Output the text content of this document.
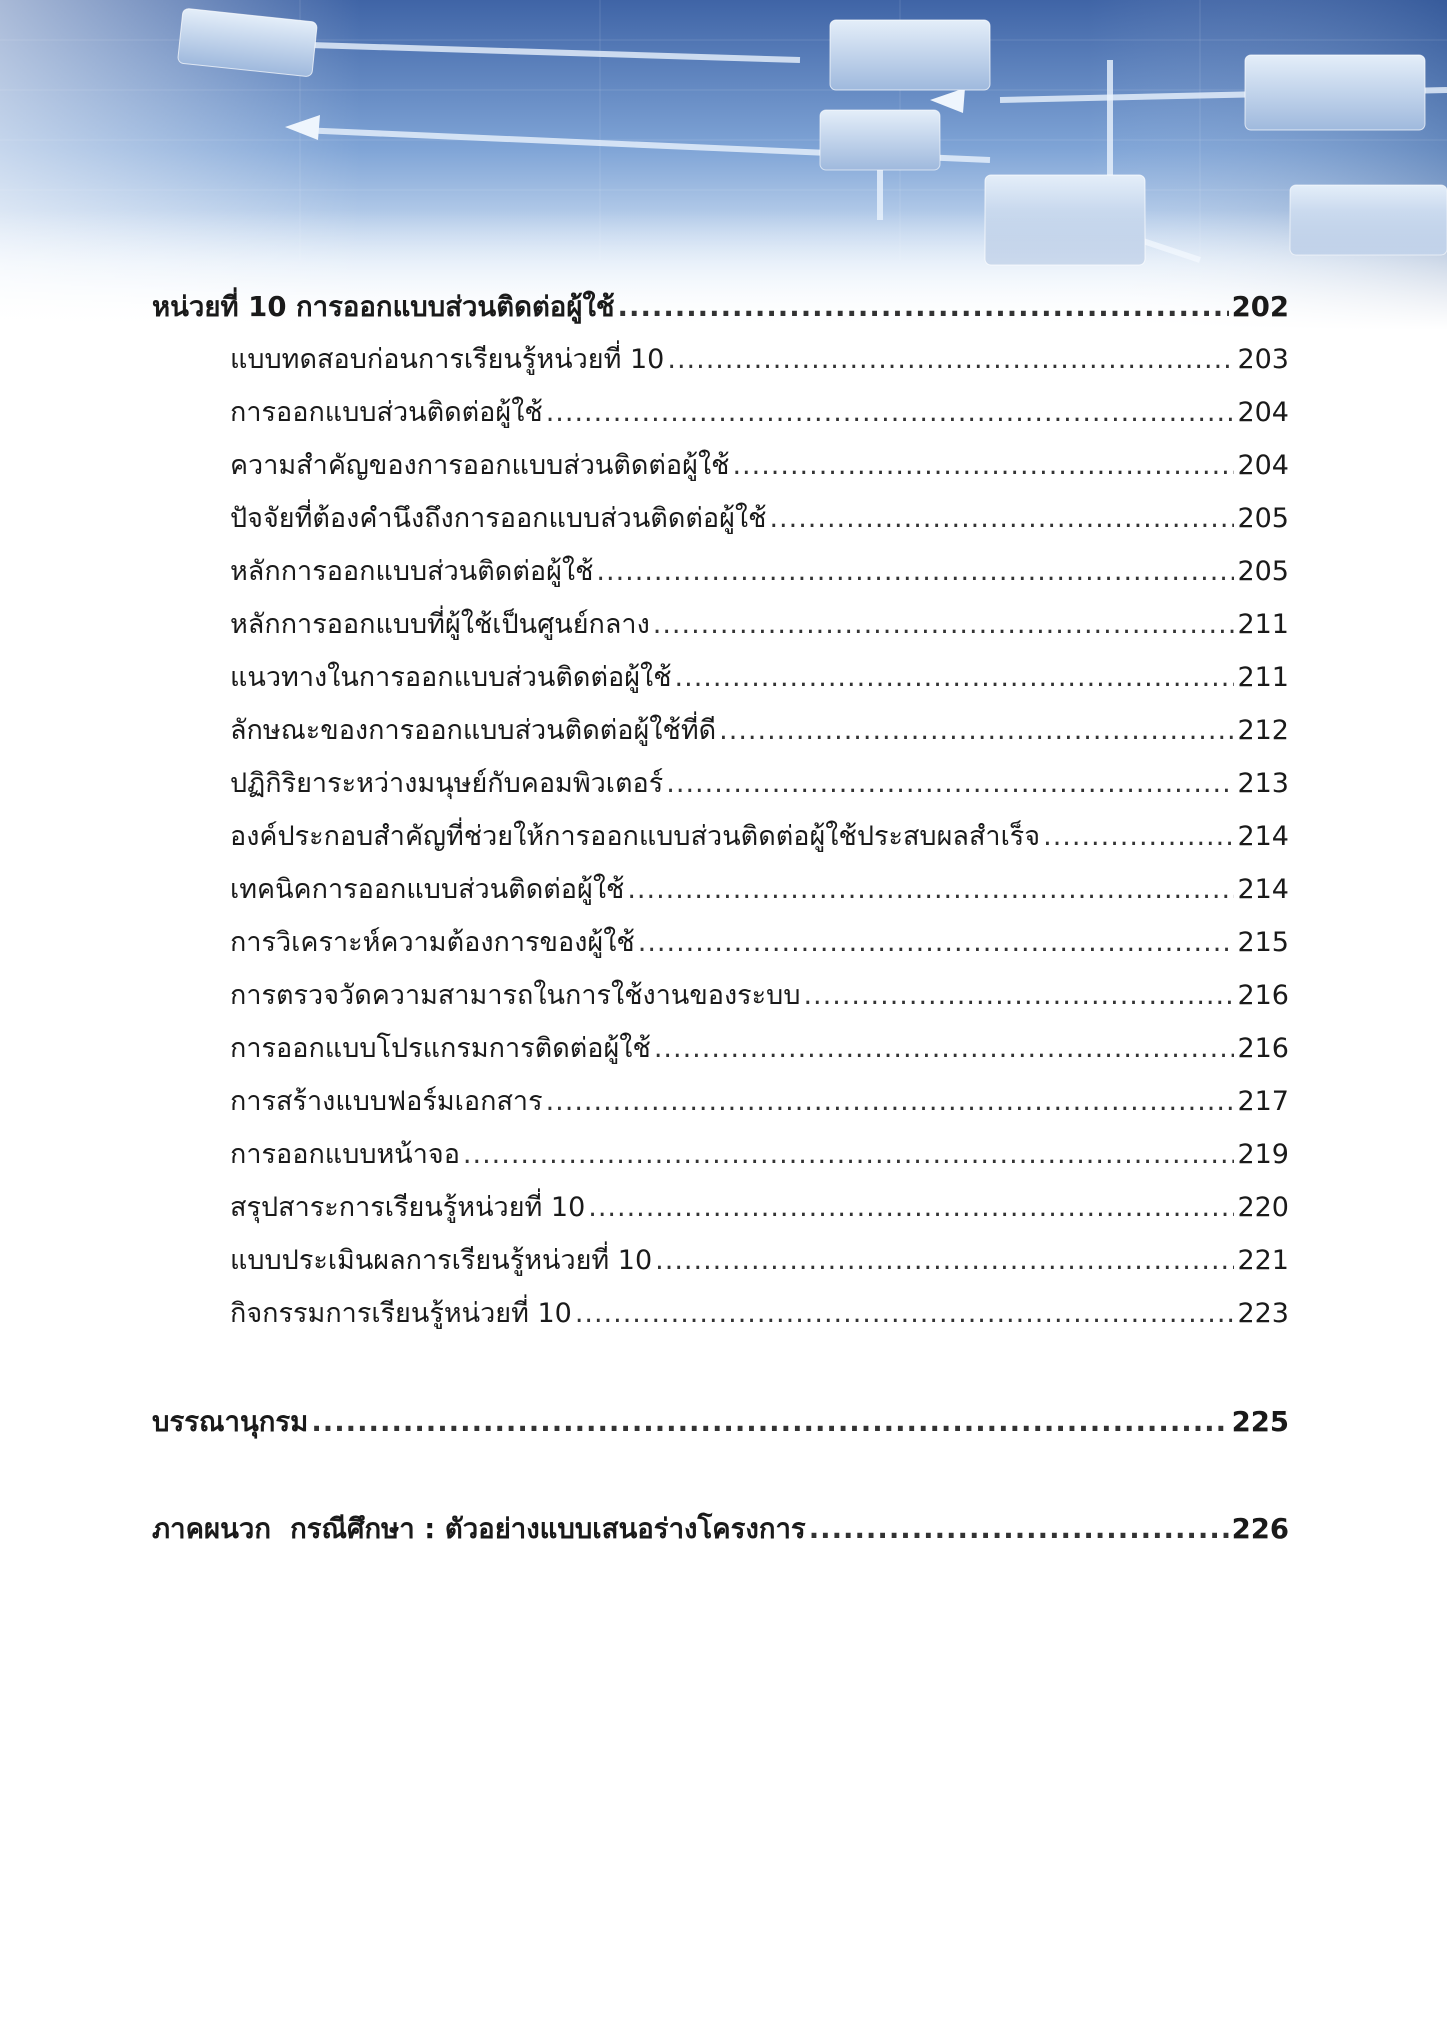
หน่วยที่ 10 การออกแบบส่วนติดต่อผู้ใช้ .....	202
แบบทดสอบก่อนการเรียนรู้หน่วยที่ 10 .....	203
การออกแบบส่วนติดต่อผู้ใช้ .....	204
ความสำคัญของการออกแบบส่วนติดต่อผู้ใช้ .....	204
ปัจจัยที่ต้องคำนึงถึงการออกแบบส่วนติดต่อผู้ใช้ .....	205
หลักการออกแบบส่วนติดต่อผู้ใช้ .....	205
หลักการออกแบบที่ผู้ใช้เป็นศูนย์กลาง .....	211
แนวทางในการออกแบบส่วนติดต่อผู้ใช้ .....	211
ลักษณะของการออกแบบส่วนติดต่อผู้ใช้ที่ดี .....	212
ปฏิกิริยาระหว่างมนุษย์กับคอมพิวเตอร์ .....	213
องค์ประกอบสำคัญที่ช่วยให้การออกแบบส่วนติดต่อผู้ใช้ประสบผลสำเร็จ .....	214
เทคนิคการออกแบบส่วนติดต่อผู้ใช้ .....	214
การวิเคราะห์ความต้องการของผู้ใช้ .....	215
การตรวจวัดความสามารถในการใช้งานของระบบ .....	216
การออกแบบโปรแกรมการติดต่อผู้ใช้ .....	216
การสร้างแบบฟอร์มเอกสาร .....	217
การออกแบบหน้าจอ .....	219
สรุปสาระการเรียนรู้หน่วยที่ 10 .....	220
แบบประเมินผลการเรียนรู้หน่วยที่ 10 .....	221
กิจกรรมการเรียนรู้หน่วยที่ 10 .....	223
บรรณานุกรม .....	225
ภาคผนวก  กรณีศึกษา : ตัวอย่างแบบเสนอร่างโครงการ .....	226
